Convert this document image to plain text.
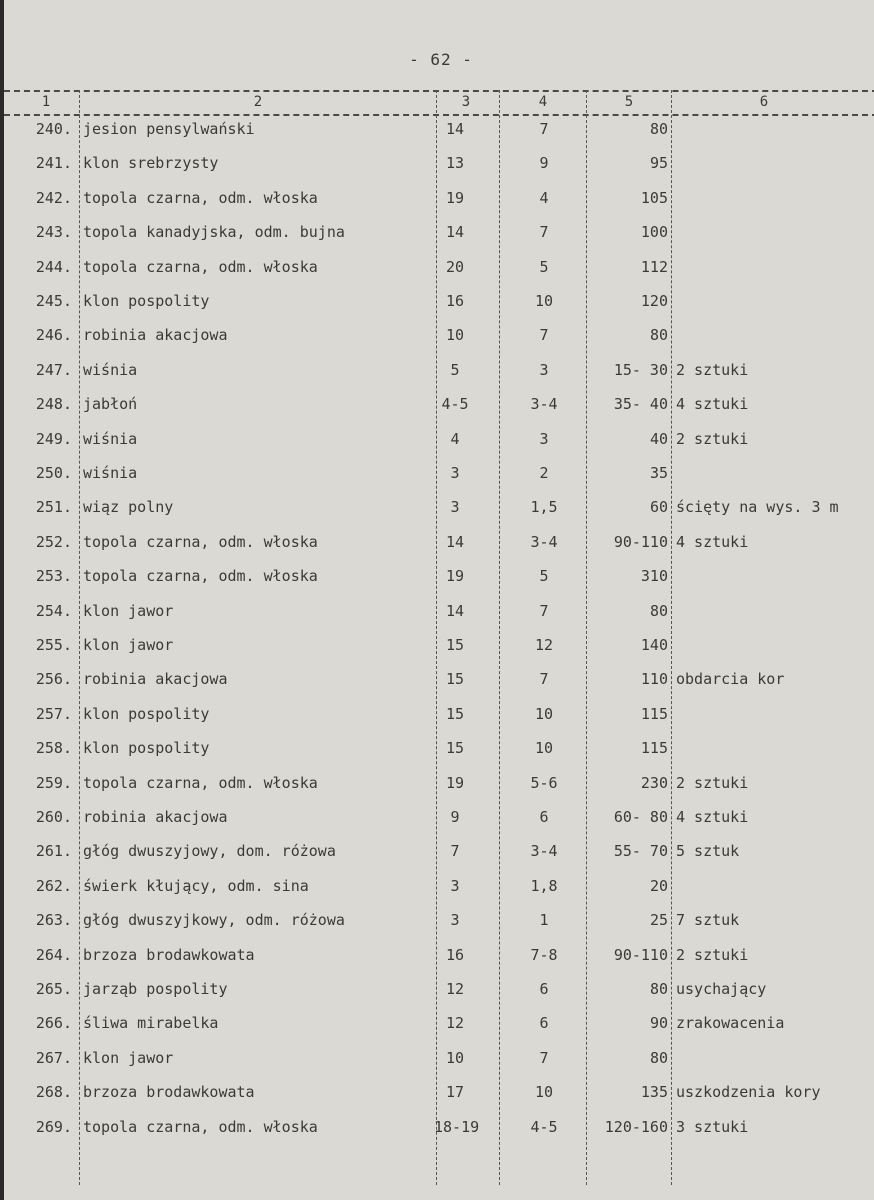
- 62 -
1	2	3	4	5	6
240. jesion pensylwański	14	7	80
241. klon srebrzysty	13	9	95
242. topola czarna, odm. włoska	19	4	105
243. topola kanadyjska, odm. bujna	14	7	100
244. topola czarna, odm. włoska	20	5	112
245. klon pospolity	16	10	120
246. robinia akacjowa	10	7	80
247. wiśnia	5	3	15- 30 2 sztuki
248. jabłoń	4-5	3-4	35- 40 4 sztuki
249. wiśnia	4	3	40 2 sztuki
250. wiśnia	3	2	35
251. wiąz polny	3	1,5	60 ścięty na wys. 3 m
252. topola czarna, odm. włoska	14	3-4	90-110 4 sztuki
253. topola czarna, odm. włoska	19	5	310
254. klon jawor	14	7	80
255. klon jawor	15	12	140
256. robinia akacjowa	15	7	110 obdarcia kor
257. klon pospolity	15	10	115
258. klon pospolity	15	10	115
259. topola czarna, odm. włoska	19	5-6	230 2 sztuki
260. robinia akacjowa	9	6	60- 80 4 sztuki
261. głóg dwuszyjowy, dom. różowa	7	3-4	55- 70 5 sztuk
262. świerk kłujący, odm. sina	3	1,8	20
263. głóg dwuszyjkowy, odm. różowa	3	1	25 7 sztuk
264. brzoza brodawkowata	16	7-8	90-110 2 sztuki
265. jarząb pospolity	12	6	80 usychający
266. śliwa mirabelka	12	6	90 zrakowacenia
267. klon jawor	10	7	80
268. brzoza brodawkowata	17	10	135 uszkodzenia kory
269. topola czarna, odm. włoska	18-19	4-5	120-160 3 sztuki
